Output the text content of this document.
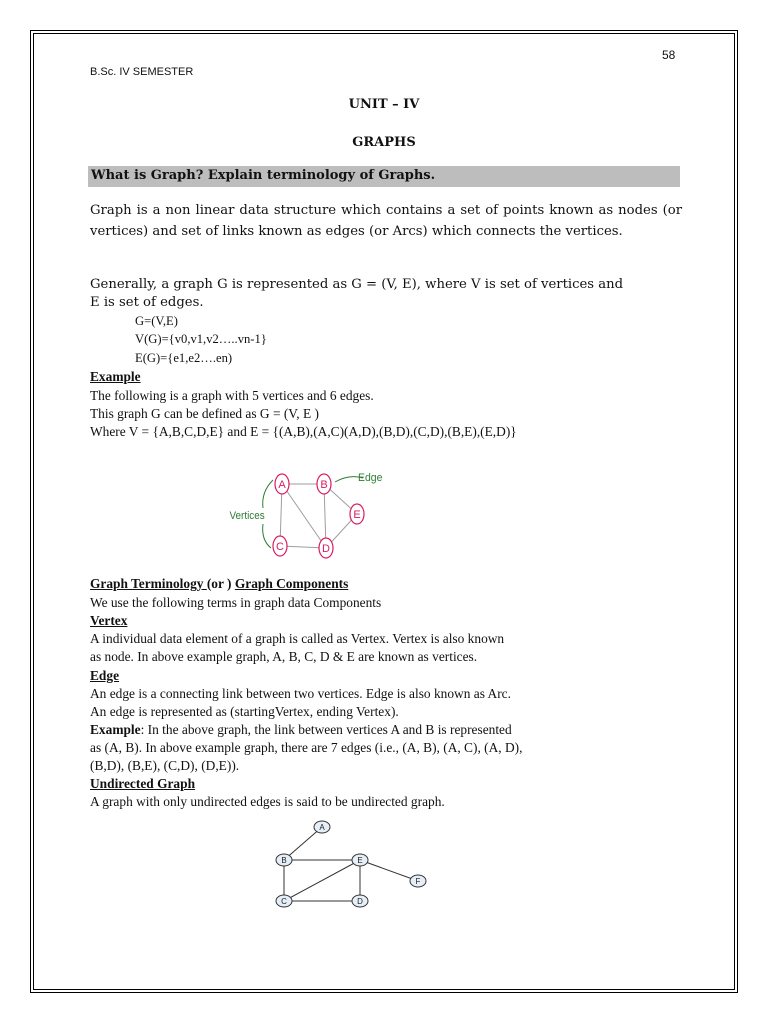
58
B.Sc. IV SEMESTER
UNIT – IV
GRAPHS
What is Graph? Explain terminology of Graphs.
Graph is a non linear data structure which contains a set of points known as nodes (or vertices) and set of links known as edges (or Arcs) which connects the vertices.
Generally, a graph G is represented as G = (V, E), where V is set of vertices and
E is set of edges.
G=(V,E)
V(G)={v0,v1,v2…..vn-1}
E(G)={e1,e2….en)
Example
The following is a graph with 5 vertices and 6 edges.
This graph G can be defined as G = (V, E )
Where V = {A,B,C,D,E} and E = {(A,B),(A,C)(A,D),(B,D),(C,D),(B,E),(E,D)}
A	B
C	D
E
Vertices
Edge
Graph Terminology (or ) Graph Components
We use the following terms in graph data Components
Vertex
A individual data element of a graph is called as Vertex. Vertex is also known
as node. In above example graph, A, B, C, D & E are known as vertices.
Edge
An edge is a connecting link between two vertices. Edge is also known as Arc.
An edge is represented as (startingVertex, ending Vertex).
Example: In the above graph, the link between vertices A and B is represented
as (A, B). In above example graph, there are 7 edges (i.e., (A, B), (A, C), (A, D),
(B,D), (B,E), (C,D), (D,E)).
Undirected Graph
A graph with only undirected edges is said to be undirected graph.
A
B	E
F
C	D
